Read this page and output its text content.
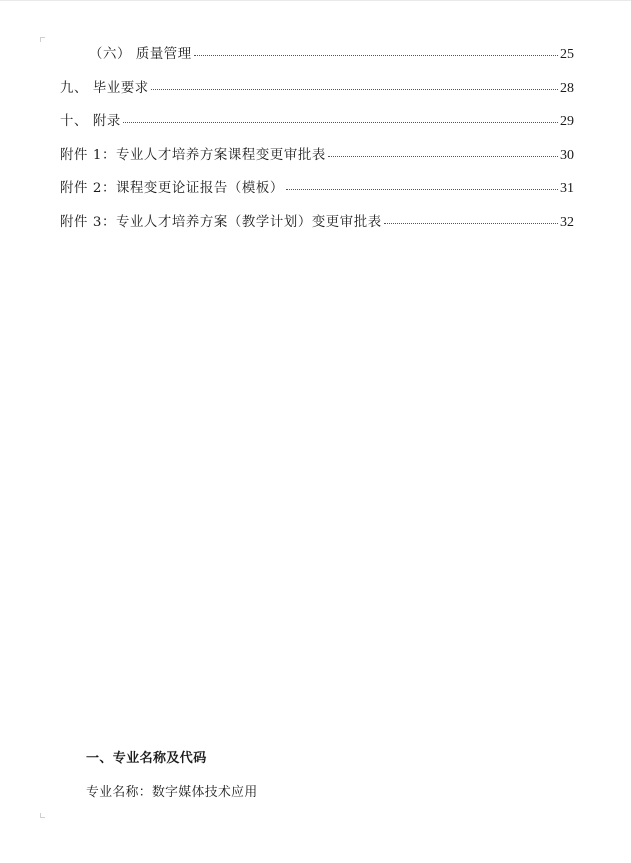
（六） 质量管理	25
九、 毕业要求	28
十、 附录	29
附件 1：专业人才培养方案课程变更审批表	30
附件 2：课程变更论证报告（模板）	31
附件 3：专业人才培养方案（教学计划）变更审批表	32
一、专业名称及代码
专业名称：数字媒体技术应用
